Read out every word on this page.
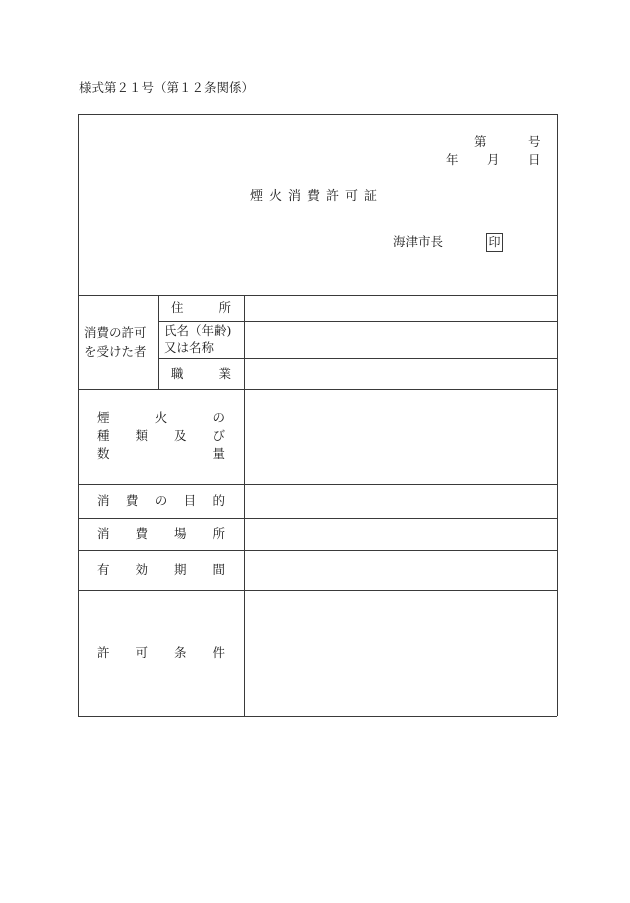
様式第２１号（第１２条関係）
第	号
年 月 日
煙火消費許可証
海津市長	印
消費の許可
を受けた者
住	所
氏名（年齢)
又は名称
職	業
煙	火	の
種 類 及 び
数	量
消 費 の 目 的
消 費 場 所
有 効 期 間
許 可 条 件
